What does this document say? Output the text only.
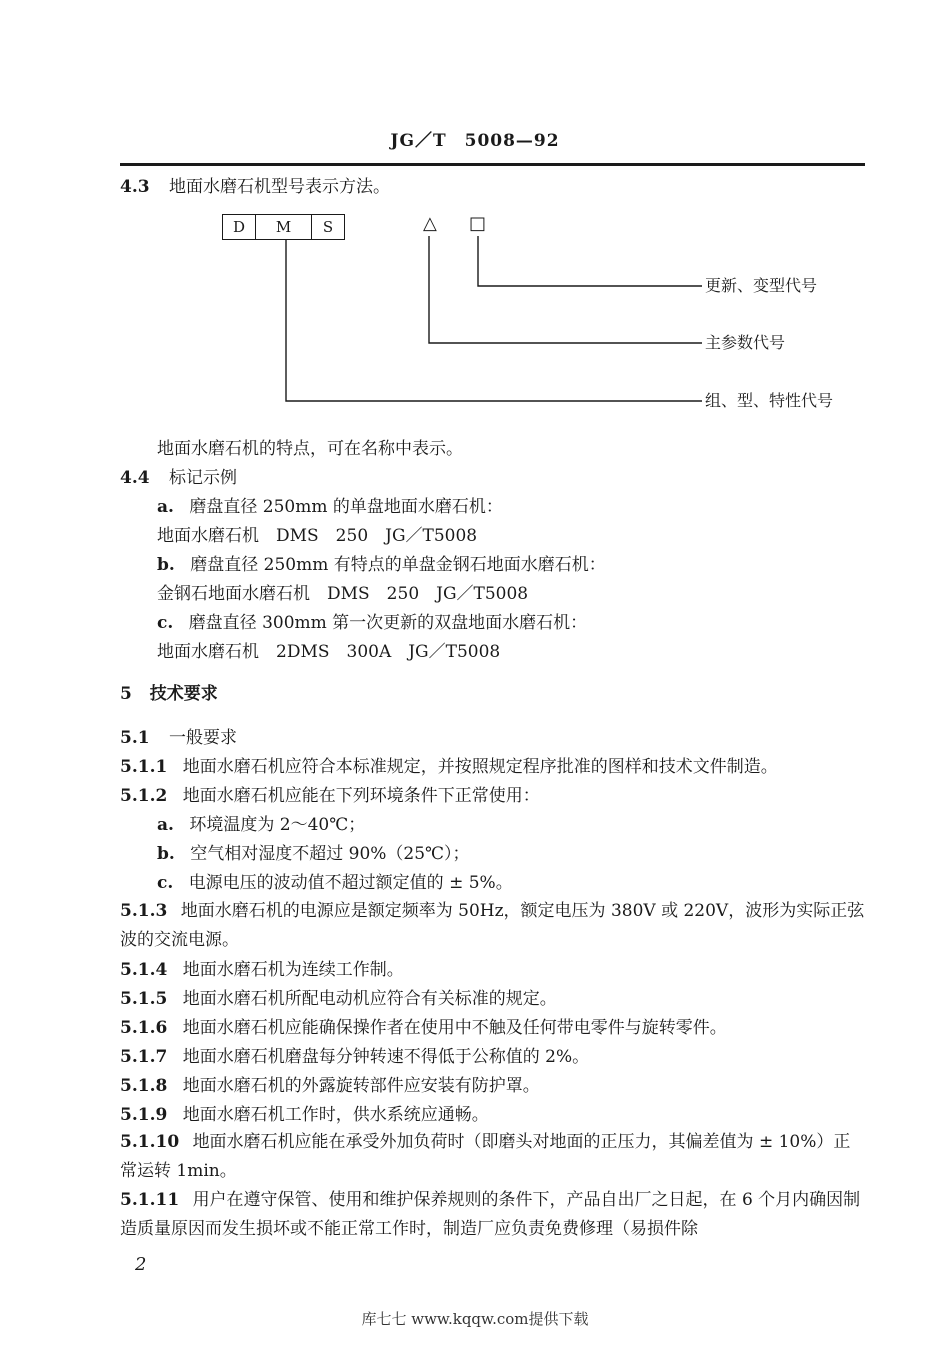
JG／T　5008—92
4.3 地面水磨石机型号表示方法。
D	M	S	△ □
更新、变型代号
主参数代号
组、型、特性代号
地面水磨石机的特点，可在名称中表示。
4.4 标记示例
a. 磨盘直径 250mm 的单盘地面水磨石机：
地面水磨石机　DMS　250　JG／T5008
b. 磨盘直径 250mm 有特点的单盘金钢石地面水磨石机：
金钢石地面水磨石机　DMS　250　JG／T5008
c. 磨盘直径 300mm 第一次更新的双盘地面水磨石机：
地面水磨石机　2DMS　300A　JG／T5008
5 技术要求
5.1 一般要求
5.1.1 地面水磨石机应符合本标准规定，并按照规定程序批准的图样和技术文件制造。
5.1.2 地面水磨石机应能在下列环境条件下正常使用：
a. 环境温度为 2～40℃；
b. 空气相对湿度不超过 90%（25℃）；
c. 电源电压的波动值不超过额定值的 ± 5%。
5.1.3 地面水磨石机的电源应是额定频率为 50Hz，额定电压为 380V 或 220V，波形为实际正弦波的交流电源。
5.1.4 地面水磨石机为连续工作制。
5.1.5 地面水磨石机所配电动机应符合有关标准的规定。
5.1.6 地面水磨石机应能确保操作者在使用中不触及任何带电零件与旋转零件。
5.1.7 地面水磨石机磨盘每分钟转速不得低于公称值的 2%。
5.1.8 地面水磨石机的外露旋转部件应安装有防护罩。
5.1.9 地面水磨石机工作时，供水系统应通畅。
5.1.10 地面水磨石机应能在承受外加负荷时（即磨头对地面的正压力，其偏差值为 ± 10%）正常运转 1min。
5.1.11 用户在遵守保管、使用和维护保养规则的条件下，产品自出厂之日起，在 6 个月内确因制造质量原因而发生损坏或不能正常工作时，制造厂应负责免费修理（易损件除
2
库七七 www.kqqw.com提供下载
